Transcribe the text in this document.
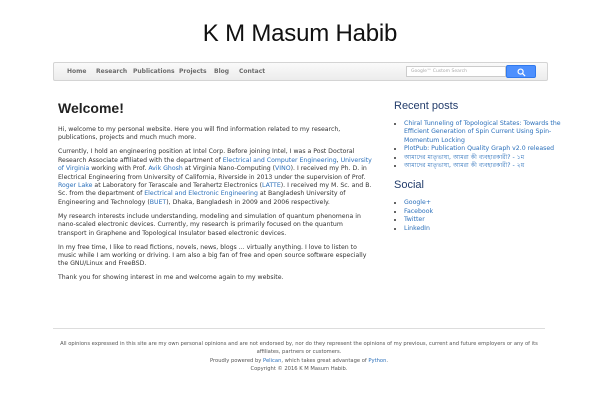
K M Masum Habib
Home Research Publications Projects Blog Contact	Google™ Custom Search
Welcome!

Hi, welcome to my personal website. Here you will find information related to my research, publications, projects and much much more.

Currently, I hold an engineering position at Intel Corp. Before joining Intel, I was a Post Doctoral Research Associate affiliated with the department of Electrical and Computer Engineering, University of Virginia working with Prof. Avik Ghosh at Virginia Nano-Computing (VINO). I received my Ph. D. in Electrical Engineering from University of California, Riverside in 2013 under the supervision of Prof. Roger Lake at Laboratory for Terascale and Terahertz Electronics (LATTE). I received my M. Sc. and B. Sc. from the department of Electrical and Electronic Engineering at Bangladesh University of Engineering and Technology (BUET), Dhaka, Bangladesh in 2009 and 2006 respectively.

My research interests include understanding, modeling and simulation of quantum phenomena in nano-scaled electronic devices. Currently, my research is primarily focused on the quantum transport in Graphene and Topological Insulator based electronic devices.

In my free time, I like to read fictions, novels, news, blogs ... virtually anything. I love to listen to music while I am working or driving. I am also a big fan of free and open source software especially the GNU/Linux and FreeBSD.

Thank you for showing interest in me and welcome again to my website.

Recent posts
• Chiral Tunneling of Topological States: Towards the Efficient Generation of Spin Current Using Spin-Momentum Locking
• PlotPub: Publication Quality Graph v2.0 released
• আমাদের মাতৃভাষা, আমরা কী ব্যবহারকারী? - ১ম
• আমাদের মাতৃভাষা, আমরা কী ব্যবহারকারী? - ২য়
Social
• Google+
• Facebook
• Twitter
• LinkedIn
All opinions expressed in this site are my own personal opinions and are not endorsed by, nor do they represent the opinions of my previous, current and future employers or any of its affiliates, partners or customers.
Proudly powered by Pelican, which takes great advantage of Python.
Copyright © 2016 K M Masum Habib.
